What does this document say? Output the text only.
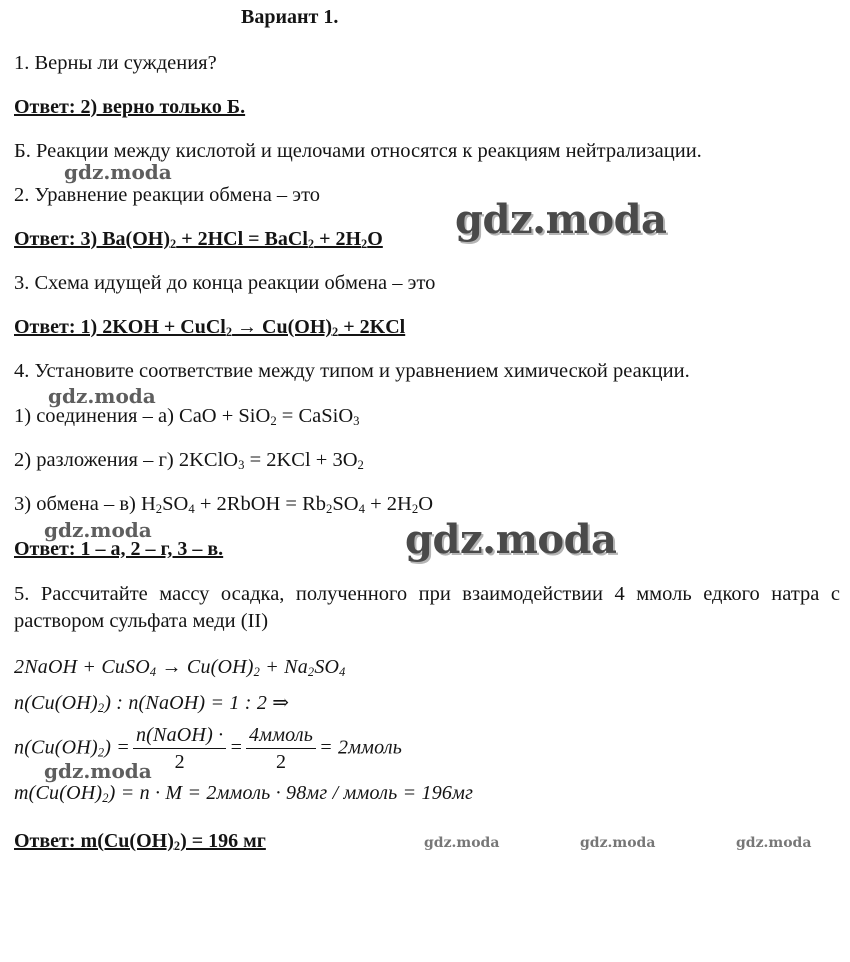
Вариант 1.
1. Верны ли суждения?
Ответ: 2) верно только Б.
Б. Реакции между кислотой и щелочами относятся к реакциям нейтрализации.
2. Уравнение реакции обмена – это
Ответ: 3) $Ba(OH)_2 + 2HCl$ = BaCl$_2$ + $2H_2O$
3. Схема идущей до конца реакции обмена – это
Ответ: 1) 2KOH + CuCl$_2$ → $Cu(OH)_2 + 2KCl$
4. Установите соответствие между типом и уравнением химической реакции.
1) соединения – а) CaO + SiO$_2$ = CaSiO$_3$
2) разложения – г) 2KClO$_3$ = $2KCl + 3O_2$
3) обмена – в) $H_2SO_4$ + 2RbOH = $Rb_2SO_4 + 2H_2O$
Ответ: 1 – а, 2 – г, 3 – в.
5. Рассчитайте массу осадка, полученного при взаимодействии 4 ммоль едкого натра с раствором сульфата меди (II)
2NaOH + CuSO$_4$ → $Cu(OH)_2 + Na_2SO_4$
$n(Cu(OH)_2)$ : n(NaOH) = 1 : 2 ⇒
$n(Cu(OH)_2) = \frac{\text{n(NaOH) ·}}{2} = \frac{\text{4ммоль}}{2}$ = 2ммоль
$m(Cu(OH)_2) = n \cdot M$ = 2ммоль · 98мг / ммоль = 196мг
Ответ: $m(Cu(OH)_2) = 196$ мг
gdz.moda
gdz.moda
gdz.moda
gdz.moda	gdz.moda
gdz.moda
gdz.moda	gdz.moda	gdz.moda
